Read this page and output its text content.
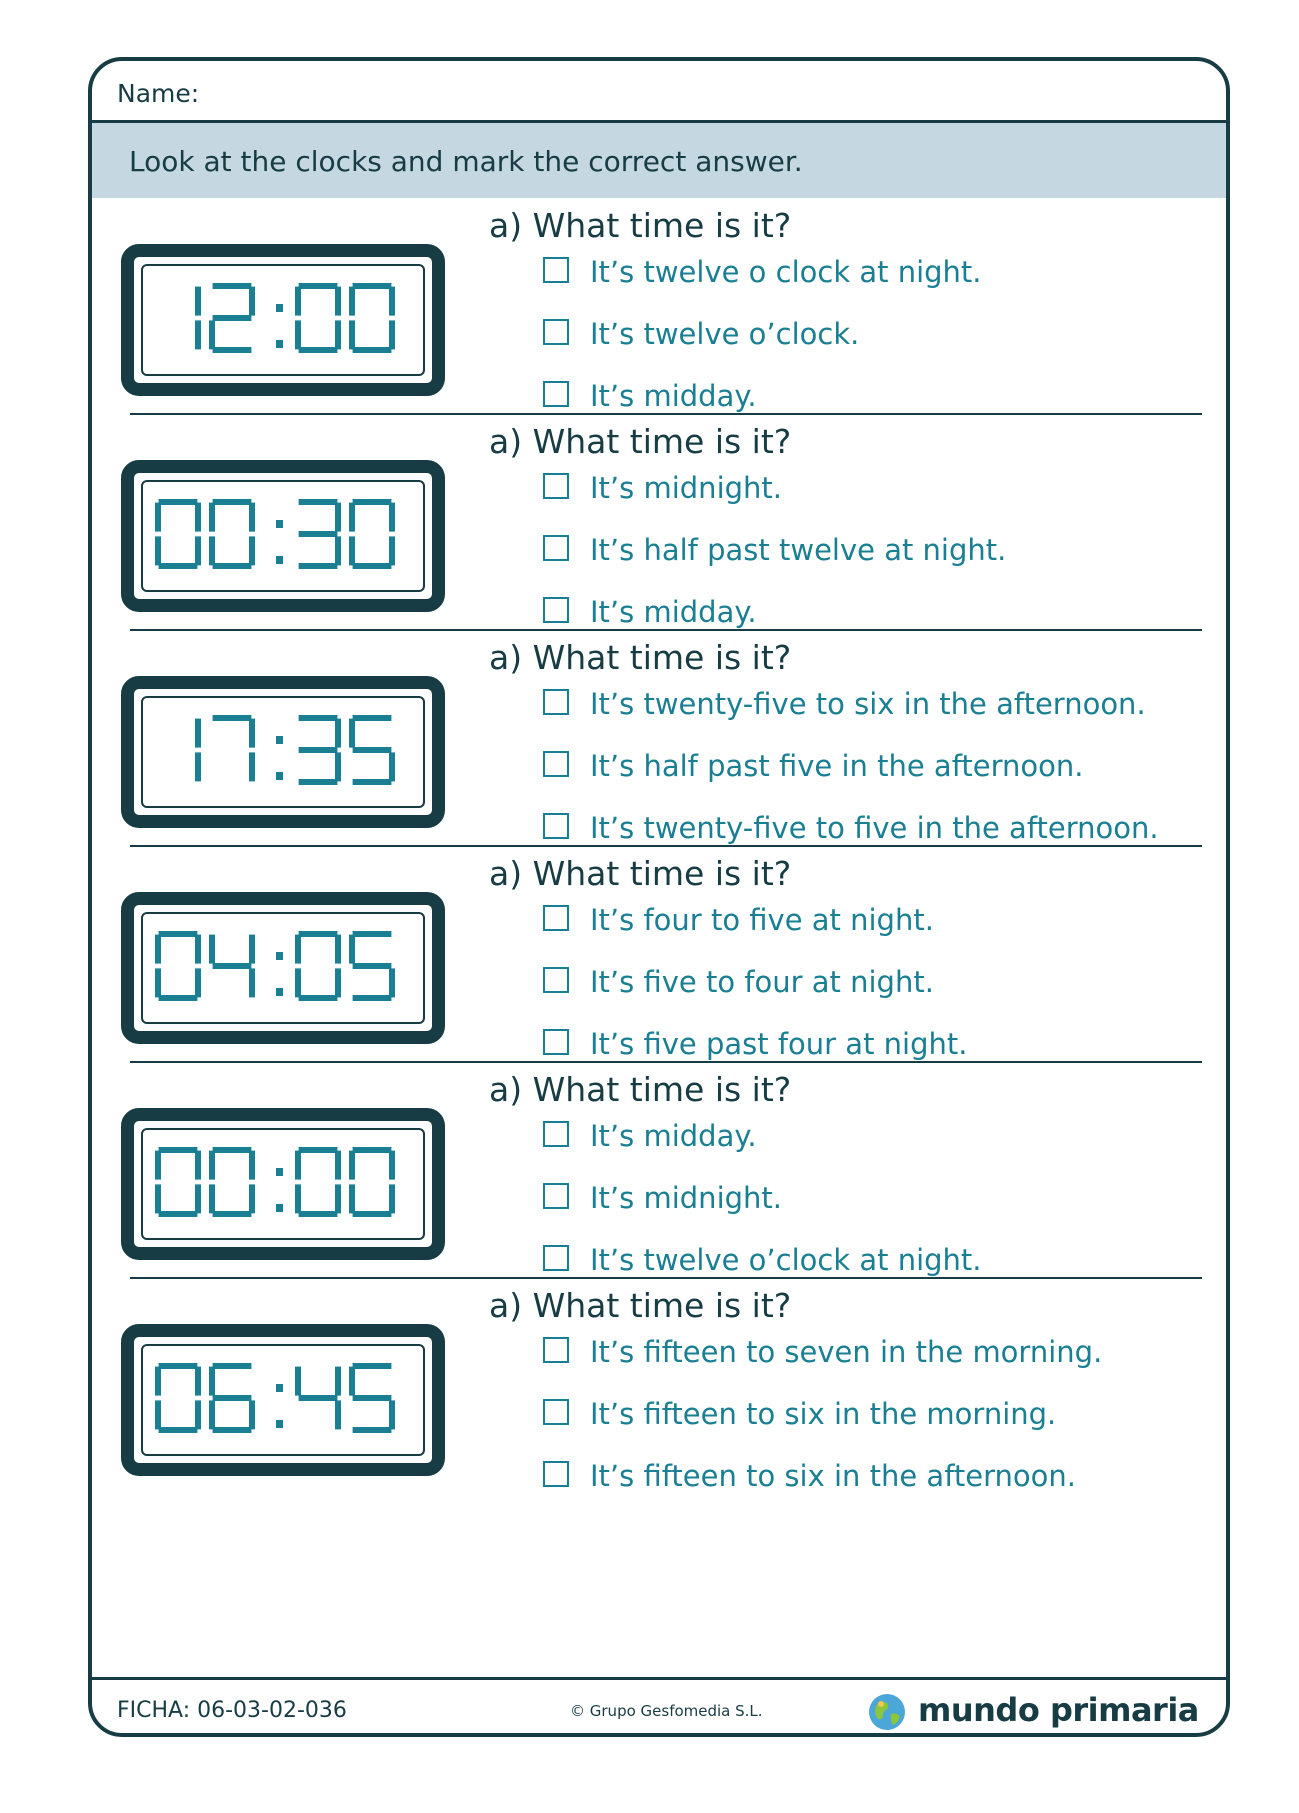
Name:
Look at the clocks and mark the correct answer.
a) What time is it?
It’s twelve o clock at night.
It’s twelve o’clock.
It’s midday.
a) What time is it?
It’s midnight.
It’s half past twelve at night.
It’s midday.
a) What time is it?
It’s twenty-five to six in the afternoon.
It’s half past five in the afternoon.
It’s twenty-five to five in the afternoon.
a) What time is it?
It’s four to five at night.
It’s five to four at night.
It’s five past four at night.
a) What time is it?
It’s midday.
It’s midnight.
It’s twelve o’clock at night.
a) What time is it?
It’s fifteen to seven in the morning.
It’s fifteen to six in the morning.
It’s fifteen to six in the afternoon.
FICHA: 06-03-02-036	© Grupo Gesfomedia S.L.	mundo primaria
